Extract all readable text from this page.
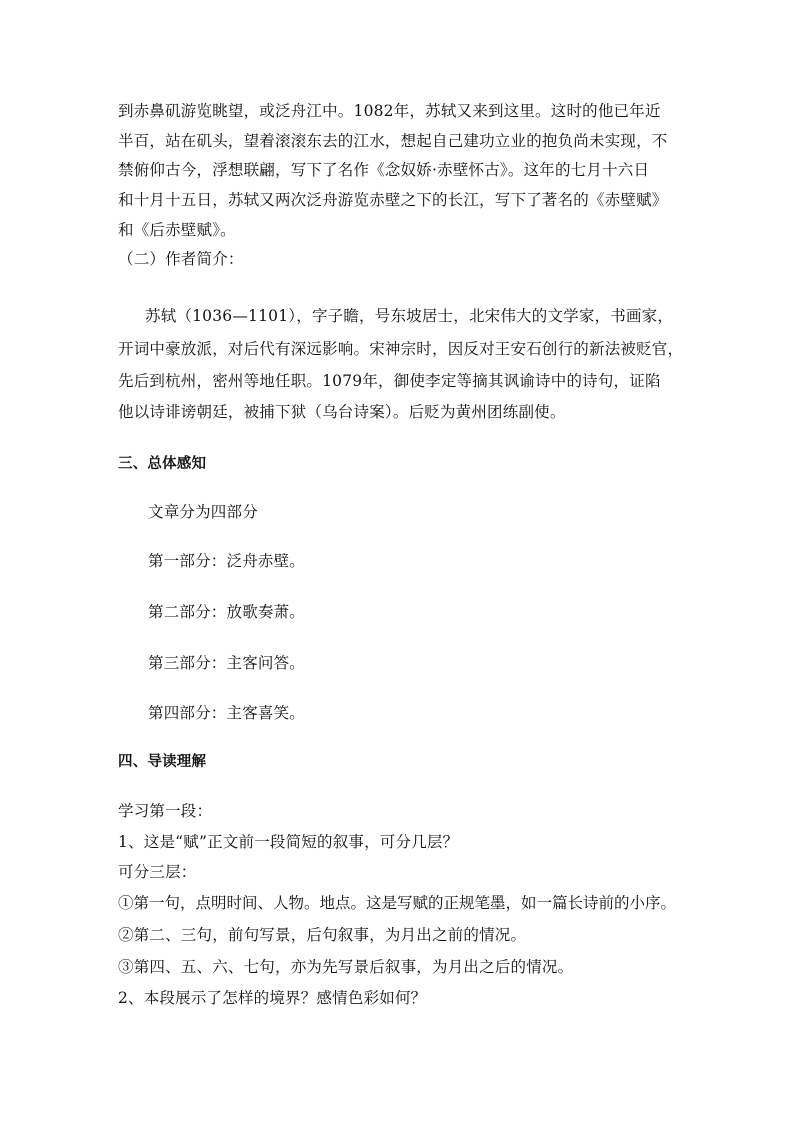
到赤鼻矶游览眺望，或泛舟江中。1082年，苏轼又来到这里。这时的他已年近
半百，站在矶头，望着滚滚东去的江水，想起自己建功立业的抱负尚未实现，不
禁俯仰古今，浮想联翩，写下了名作《念奴娇·赤壁怀古》。这年的七月十六日
和十月十五日，苏轼又两次泛舟游览赤壁之下的长江，写下了著名的《赤壁赋》
和《后赤壁赋》。
（二）作者简介：
苏轼（1036—1101），字子瞻，号东坡居士，北宋伟大的文学家，书画家，
开词中豪放派，对后代有深远影响。宋神宗时，因反对王安石创行的新法被贬官，
先后到杭州，密州等地任职。1079年，御使李定等摘其讽谕诗中的诗句，证陷
他以诗诽谤朝廷，被捕下狱（乌台诗案）。后贬为黄州团练副使。
三、总体感知
文章分为四部分
第一部分：泛舟赤壁。
第二部分：放歌奏萧。
第三部分：主客问答。
第四部分：主客喜笑。
四、导读理解
学习第一段：
1、这是“赋”正文前一段简短的叙事，可分几层？
可分三层：
①第一句，点明时间、人物。地点。这是写赋的正规笔墨，如一篇长诗前的小序。
②第二、三句，前句写景，后句叙事，为月出之前的情况。
③第四、五、六、七句，亦为先写景后叙事，为月出之后的情况。
2、本段展示了怎样的境界？感情色彩如何？
